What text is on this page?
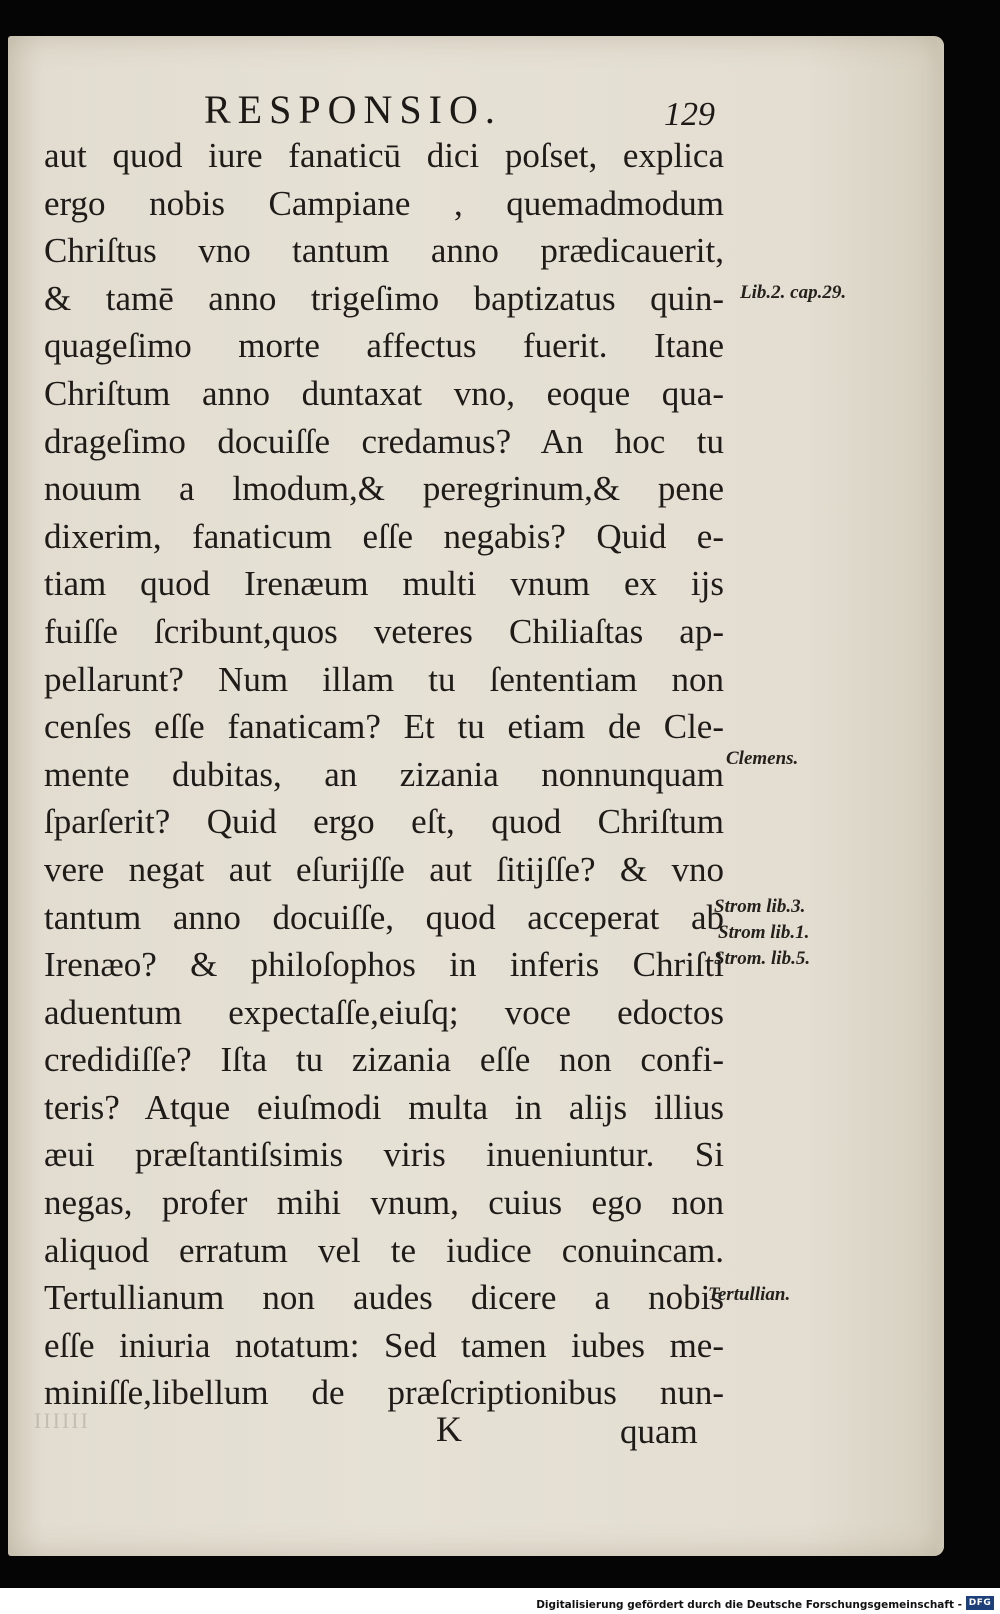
RESPONSIO.	129
aut quod iure fanaticū dici poſset, explica
ergo nobis Campiane , quemadmodum
Chriſtus vno tantum anno prædicauerit,
& tamē anno trigeſimo baptizatus quin-
quageſimo morte affectus fuerit. Itane
Chriſtum anno duntaxat vno, eoque qua-
drageſimo docuiſſe credamus? An hoc tu
nouum a lmodum,& peregrinum,& pene
dixerim, fanaticum eſſe negabis? Quid e-
tiam quod Irenæum multi vnum ex ijs
fuiſſe ſcribunt,quos veteres Chiliaſtas ap-
pellarunt? Num illam tu ſententiam non
cenſes eſſe fanaticam? Et tu etiam de Cle-
mente dubitas, an zizania nonnunquam
ſparſerit? Quid ergo eſt, quod Chriſtum
vere negat aut eſurijſſe aut ſitijſſe? & vno
tantum anno docuiſſe, quod acceperat ab
Irenæo? & philoſophos in inferis Chriſti
aduentum expectaſſe,eiuſq; voce edoctos
credidiſſe? Iſta tu zizania eſſe non confi-
teris? Atque eiuſmodi multa in alijs illius
æui præſtantiſsimis viris inueniuntur. Si
negas, profer mihi vnum, cuius ego non
aliquod erratum vel te iudice conuincam.
Tertullianum non audes dicere a nobis
eſſe iniuria notatum: Sed tamen iubes me-
miniſſe,libellum de præſcriptionibus nun-
Lib.2. cap.29.
Clemens.
Strom lib.3.
Strom lib.1.
Strom. lib.5.
Tertullian.
IIIIII	K	quam
Digitalisierung gefördert durch die Deutsche Forschungsgemeinschaft - DFG
